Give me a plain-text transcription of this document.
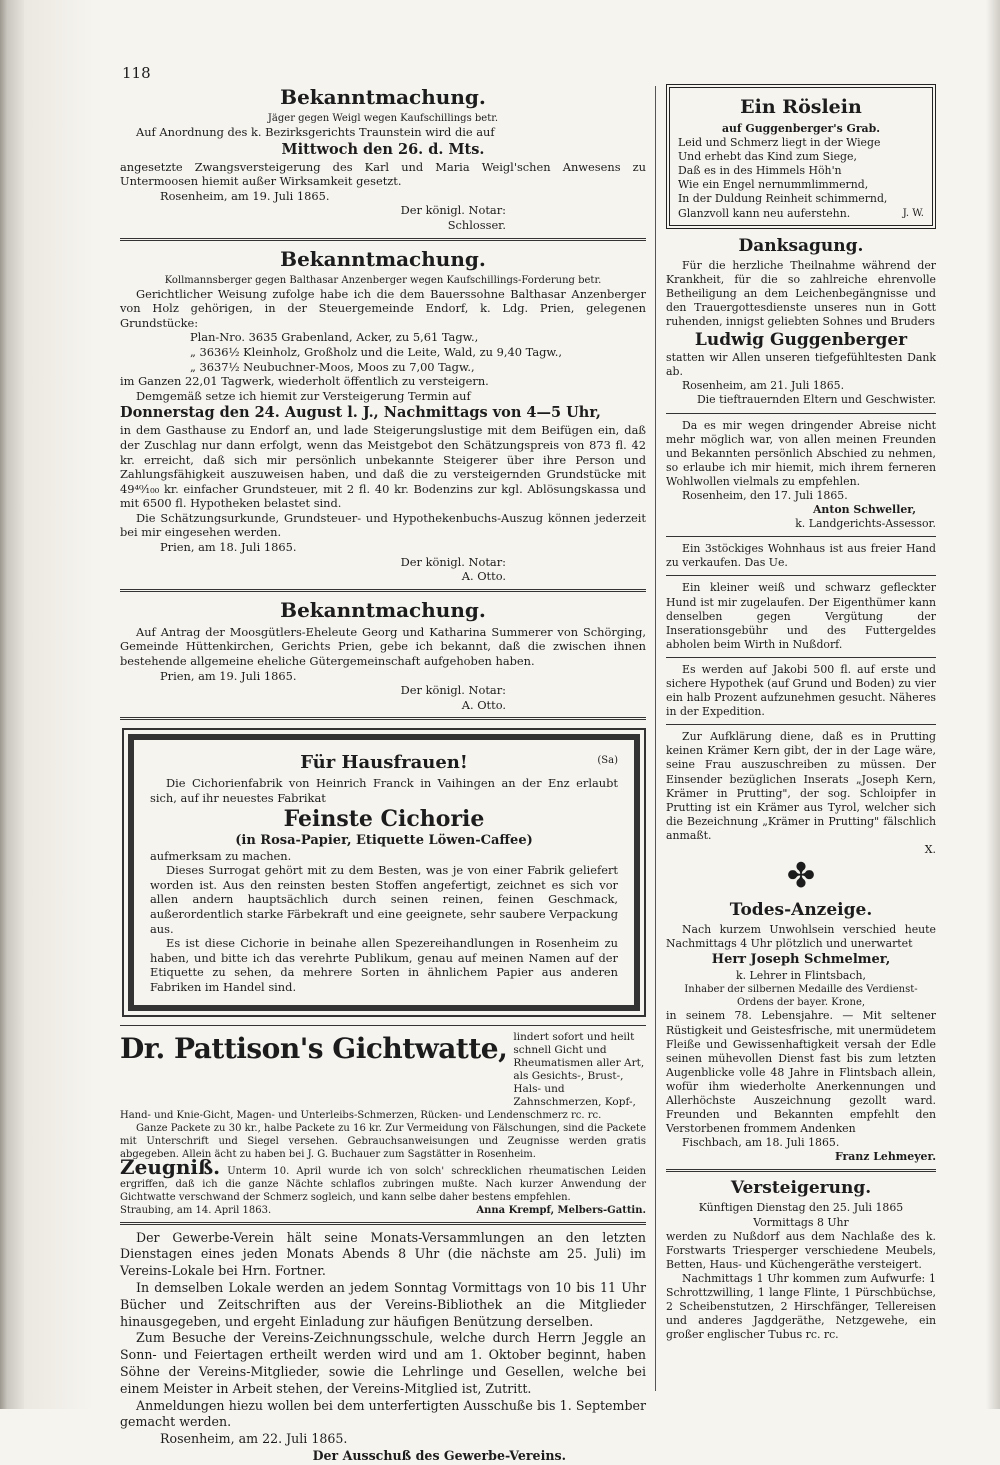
118
Bekanntmachung.
Jäger gegen Weigl wegen Kaufschillings betr.

Auf Anordnung des k. Bezirksgerichts Traunstein wird die auf

Mittwoch den 26. d. Mts.

angesetzte Zwangsversteigerung des Karl und Maria Weigl'schen Anwesens zu Untermoosen hiemit außer Wirksamkeit gesetzt.

Rosenheim, am 19. Juli 1865.
Der königl. Notar:
Schlosser.
Bekanntmachung.
Kollmannsberger gegen Balthasar Anzenberger wegen Kaufschillings-Forderung betr.

Gerichtlicher Weisung zufolge habe ich die dem Bauerssohne Balthasar Anzenberger von Holz gehörigen, in der Steuergemeinde Endorf, k. Ldg. Prien, gelegenen Grundstücke:

Plan-Nro. 3635 Grabenland, Acker, zu 5,61 Tagw.,
„ 3636½ Kleinholz, Großholz und die Leite, Wald, zu 9,40 Tagw.,
„ 3637½ Neubuchner-Moos, Moos zu 7,00 Tagw.,

im Ganzen 22,01 Tagwerk, wiederholt öffentlich zu versteigern.

Demgemäß setze ich hiemit zur Versteigerung Termin auf

Donnerstag den 24. August l. J., Nachmittags von 4—5 Uhr,

in dem Gasthause zu Endorf an, und lade Steigerungslustige mit dem Beifügen ein, daß der Zuschlag nur dann erfolgt, wenn das Meistgebot den Schätzungspreis von 873 fl. 42 kr. erreicht, daß sich mir persönlich unbekannte Steigerer über ihre Person und Zahlungsfähigkeit auszuweisen haben, und daß die zu versteigernden Grundstücke mit 49⁴⁰⁄₁₀₀ kr. einfacher Grundsteuer, mit 2 fl. 40 kr. Bodenzins zur kgl. Ablösungskassa und mit 6500 fl. Hypotheken belastet sind.

Die Schätzungsurkunde, Grundsteuer- und Hypothekenbuchs-Auszug können jederzeit bei mir eingesehen werden.

Prien, am 18. Juli 1865.
Der königl. Notar:
A. Otto.
Bekanntmachung.

Auf Antrag der Moosgütlers-Eheleute Georg und Katharina Summerer von Schörging, Gemeinde Hüttenkirchen, Gerichts Prien, gebe ich bekannt, daß die zwischen ihnen bestehende allgemeine eheliche Gütergemeinschaft aufgehoben haben.

Prien, am 19. Juli 1865.
Der königl. Notar:
A. Otto.
Für Hausfrauen!	(Sa)

Die Cichorienfabrik von Heinrich Franck in Vaihingen an der Enz erlaubt sich, auf ihr neuestes Fabrikat

Feinste Cichorie
(in Rosa-Papier, Etiquette Löwen-Caffee)

aufmerksam zu machen.

Dieses Surrogat gehört mit zu dem Besten, was je von einer Fabrik geliefert worden ist. Aus den reinsten besten Stoffen angefertigt, zeichnet es sich vor allen andern hauptsächlich durch seinen reinen, feinen Geschmack, außerordentlich starke Färbekraft und eine geeignete, sehr saubere Verpackung aus.

Es ist diese Cichorie in beinahe allen Spezereihandlungen in Rosenheim zu haben, und bitte ich das verehrte Publikum, genau auf meinen Namen auf der Etiquette zu sehen, da mehrere Sorten in ähnlichem Papier aus anderen Fabriken im Handel sind.

Dr. Pattison's Gichtwatte, lindert sofort und heilt schnell Gicht und Rheumatismen aller Art, als Gesichts-, Brust-, Hals- und Zahnschmerzen, Kopf-,

Hand- und Knie-Gicht, Magen- und Unterleibs-Schmerzen, Rücken- und Lendenschmerz rc. rc.

Ganze Packete zu 30 kr., halbe Packete zu 16 kr. Zur Vermeidung von Fälschungen, sind die Packete mit Unterschrift und Siegel versehen. Gebrauchsanweisungen und Zeugnisse werden gratis abgegeben. Allein ächt zu haben bei J. G. Buchauer zum Sagstätter in Rosenheim.

Zeugniß. Unterm 10. April wurde ich von solch' schrecklichen rheumatischen Leiden ergriffen, daß ich die ganze Nächte schlaflos zubringen mußte. Nach kurzer Anwendung der Gichtwatte verschwand der Schmerz sogleich, und kann selbe daher bestens empfehlen.

Straubing, am 14. April 1863.	Anna Krempf, Melbers-Gattin.

Der Gewerbe-Verein hält seine Monats-Versammlungen an den letzten Dienstagen eines jeden Monats Abends 8 Uhr (die nächste am 25. Juli) im Vereins-Lokale bei Hrn. Fortner.

In demselben Lokale werden an jedem Sonntag Vormittags von 10 bis 11 Uhr Bücher und Zeitschriften aus der Vereins-Bibliothek an die Mitglieder hinausgegeben, und ergeht Einladung zur häufigen Benützung derselben.

Zum Besuche der Vereins-Zeichnungsschule, welche durch Herrn Jeggle an Sonn- und Feiertagen ertheilt werden wird und am 1. Oktober beginnt, haben Söhne der Vereins-Mitglieder, sowie die Lehrlinge und Gesellen, welche bei einem Meister in Arbeit stehen, der Vereins-Mitglied ist, Zutritt.

Anmeldungen hiezu wollen bei dem unterfertigten Ausschuße bis 1. September gemacht werden.

Rosenheim, am 22. Juli 1865.
Der Ausschuß des Gewerbe-Vereins.
Ein Röslein
auf Guggenberger's Grab.
Leid und Schmerz liegt in der Wiege
Und erhebt das Kind zum Siege,
Daß es in des Himmels Höh'n
Wie ein Engel nernummlimmernd,
In der Duldung Reinheit schimmernd,
Glanzvoll kann neu auferstehn.	J. W.
Danksagung.

Für die herzliche Theilnahme während der Krankheit, für die so zahlreiche ehrenvolle Betheiligung an dem Leichenbegängnisse und den Trauergottesdienste unseres nun in Gott ruhenden, innigst geliebten Sohnes und Bruders

Ludwig Guggenberger

statten wir Allen unseren tiefgefühltesten Dank ab.

Rosenheim, am 21. Juli 1865.
Die tieftrauernden Eltern und Geschwister.

Da es mir wegen dringender Abreise nicht mehr möglich war, von allen meinen Freunden und Bekannten persönlich Abschied zu nehmen, so erlaube ich mir hiemit, mich ihrem ferneren Wohlwollen vielmals zu empfehlen.

Rosenheim, den 17. Juli 1865.
Anton Schweller,
k. Landgerichts-Assessor.

Ein 3stöckiges Wohnhaus ist aus freier Hand zu verkaufen. Das Ue.

Ein kleiner weiß und schwarz gefleckter Hund ist mir zugelaufen. Der Eigenthümer kann denselben gegen Vergütung der Inserationsgebühr und des Futtergeldes abholen beim Wirth in Nußdorf.

Es werden auf Jakobi 500 fl. auf erste und sichere Hypothek (auf Grund und Boden) zu vier ein halb Prozent aufzunehmen gesucht. Näheres in der Expedition.

Zur Aufklärung diene, daß es in Prutting keinen Krämer Kern gibt, der in der Lage wäre, seine Frau auszuschreiben zu müssen. Der Einsender bezüglichen Inserats „Joseph Kern, Krämer in Prutting", der sog. Schloipfer in Prutting ist ein Krämer aus Tyrol, welcher sich die Bezeichnung „Krämer in Prutting" fälschlich anmaßt.

X.
✤
Todes-Anzeige.

Nach kurzem Unwohlsein verschied heute Nachmittags 4 Uhr plötzlich und unerwartet

Herr Joseph Schmelmer,
k. Lehrer in Flintsbach,
Inhaber der silbernen Medaille des Verdienst-Ordens der bayer. Krone,

in seinem 78. Lebensjahre. — Mit seltener Rüstigkeit und Geistesfrische, mit unermüdetem Fleiße und Gewissenhaftigkeit versah der Edle seinen mühevollen Dienst fast bis zum letzten Augenblicke volle 48 Jahre in Flintsbach allein, wofür ihm wiederholte Anerkennungen und Allerhöchste Auszeichnung gezollt ward. Freunden und Bekannten empfehlt den Verstorbenen frommem Andenken

Fischbach, am 18. Juli 1865.
Franz Lehmeyer.
Versteigerung.
Künftigen Dienstag den 25. Juli 1865
Vormittags 8 Uhr

werden zu Nußdorf aus dem Nachlaße des k. Forstwarts Triesperger verschiedene Meubels, Betten, Haus- und Küchengeräthe versteigert.

Nachmittags 1 Uhr kommen zum Aufwurfe: 1 Schrottzwilling, 1 lange Flinte, 1 Pürschbüchse, 2 Scheibenstutzen, 2 Hirschfänger, Tellereisen und anderes Jagdgeräthe, Netzgewehe, ein großer englischer Tubus rc. rc.
